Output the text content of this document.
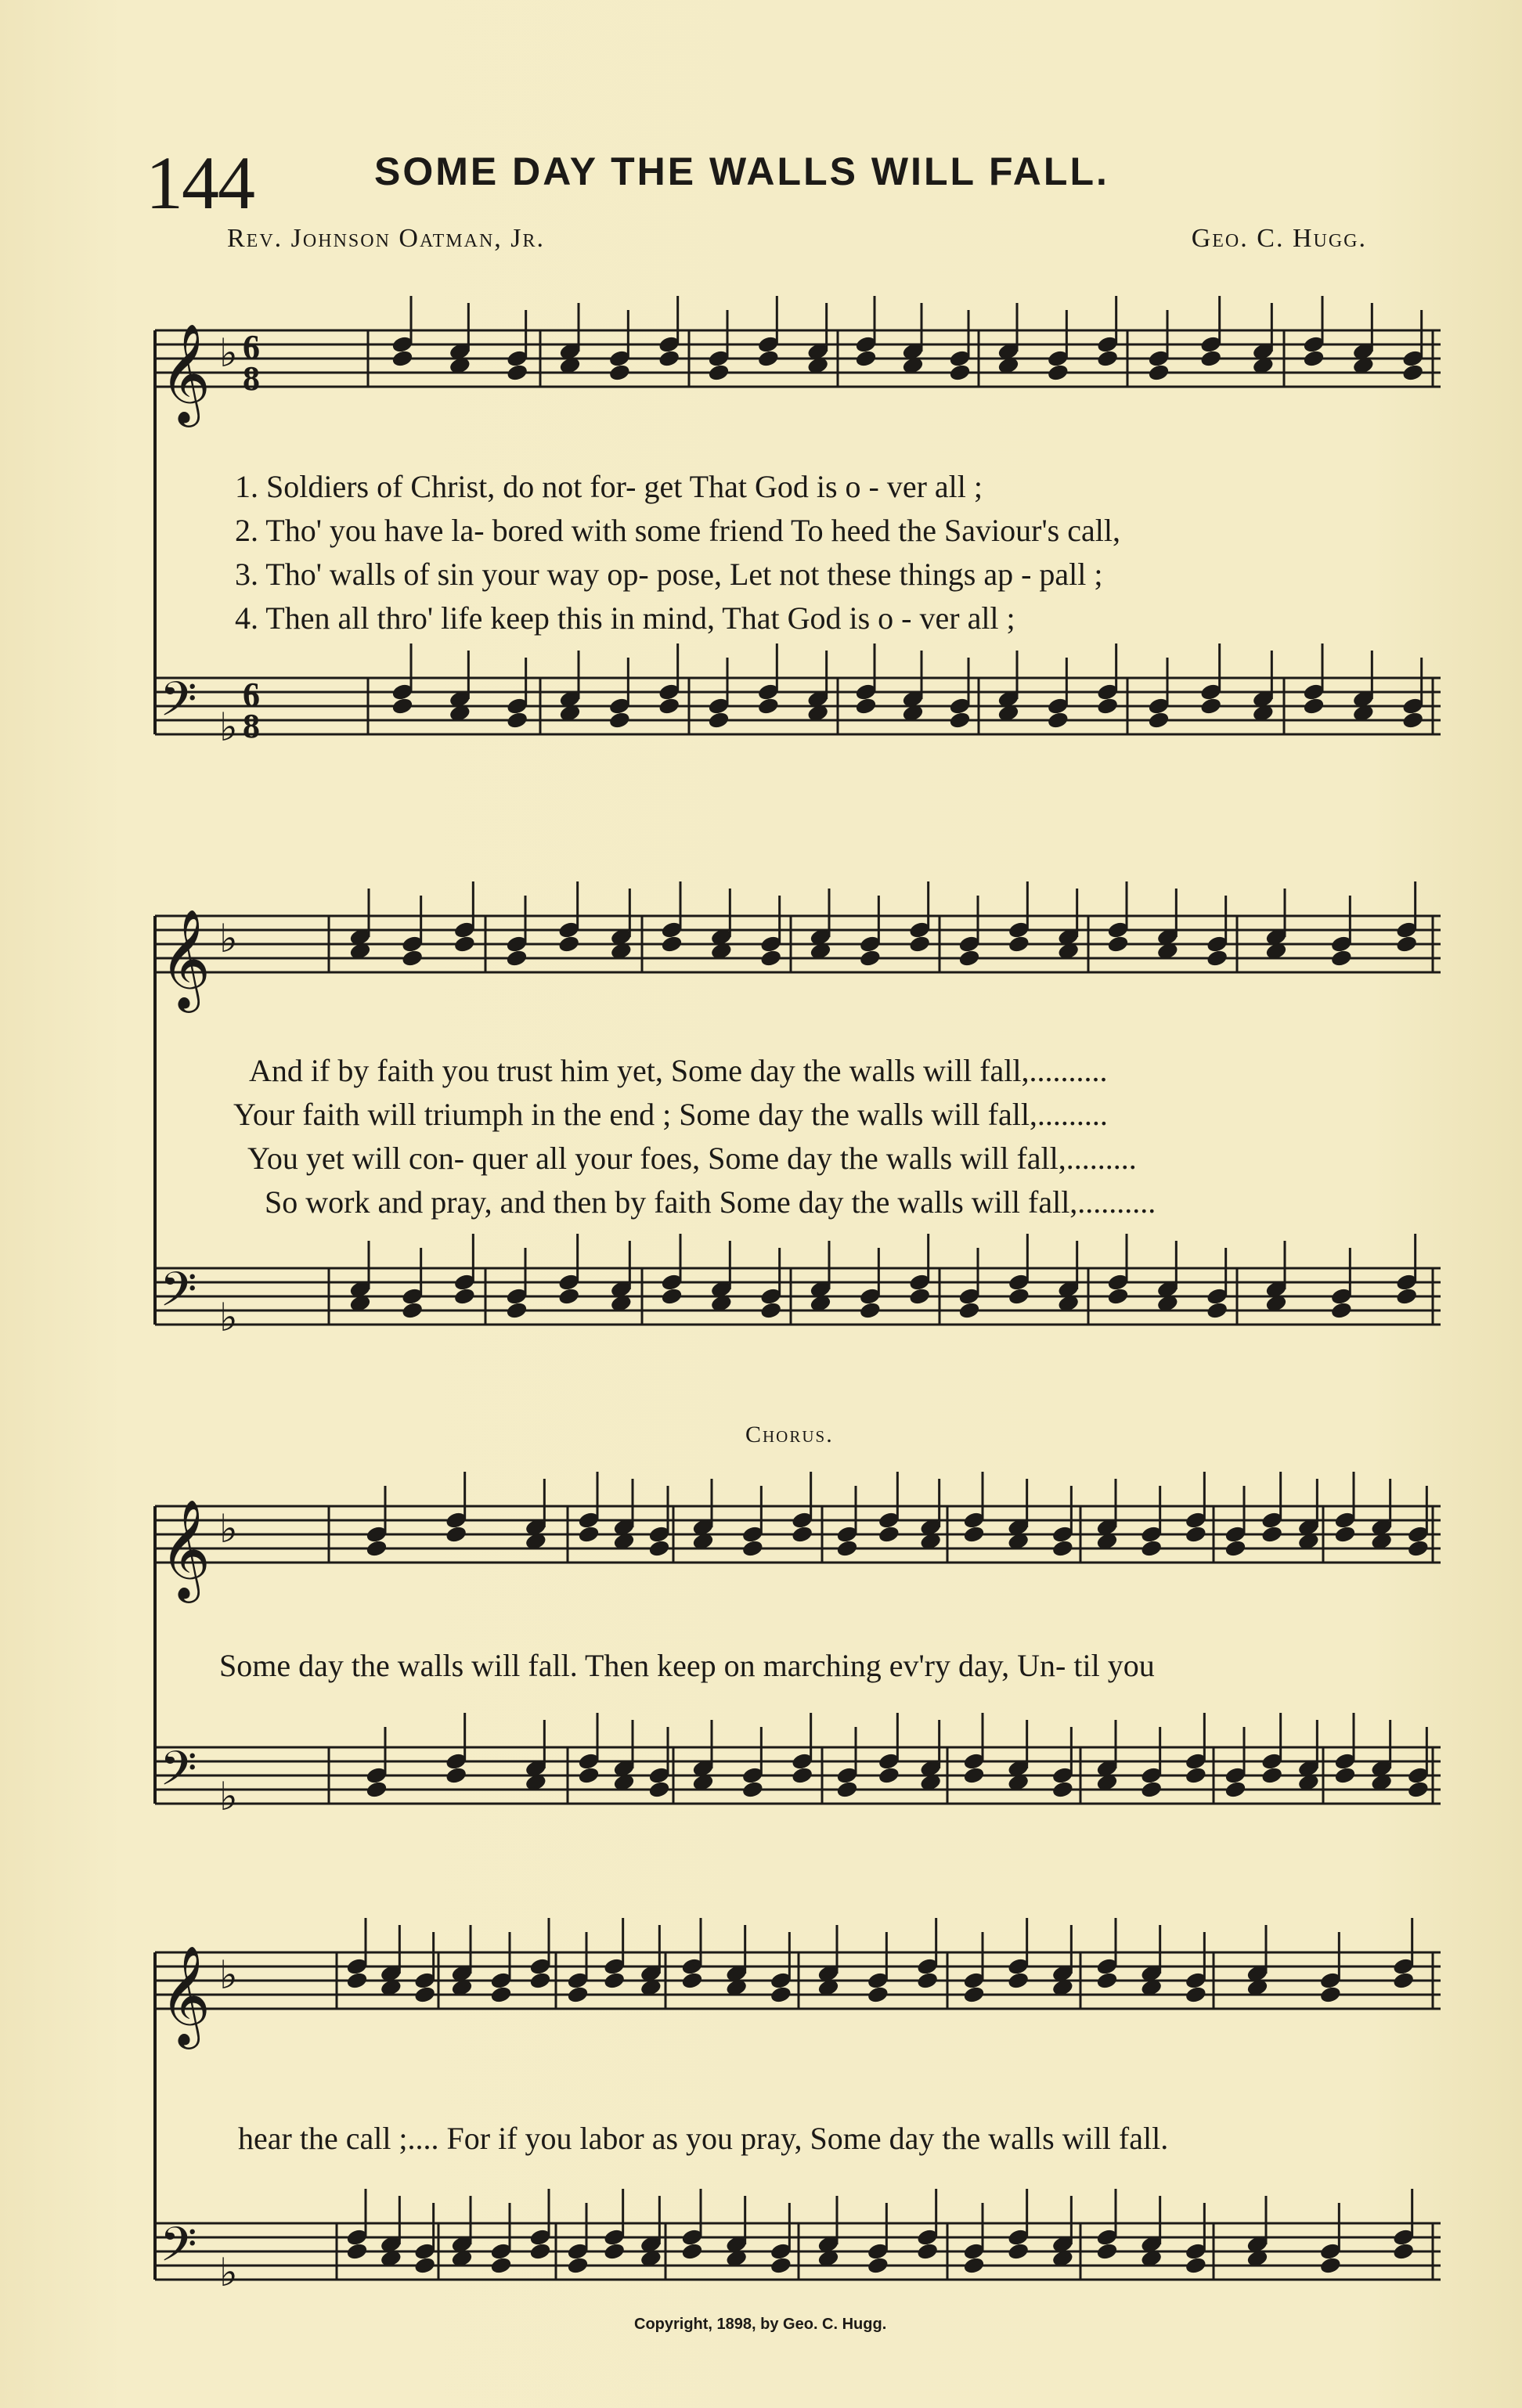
144	SOME DAY THE WALLS WILL FALL.
Rev. Johnson Oatman, Jr.	Geo. C. Hugg.
♭ 6
8
♭
6
8
♭
♭
♭
♭
♭
♭
𝄞
𝄢
𝄞
𝄢
𝄞
𝄢
𝄞
𝄢
1. Soldiers of Christ, do not for- get That God is o - ver all ;
2. Tho' you have la- bored with some friend To heed the Saviour's call,
3. Tho' walls of sin your way op- pose, Let not these things ap - pall ;
4. Then all thro' life keep this in mind, That God is o - ver all ;
And if by faith you trust him yet, Some day the walls will fall,..........
Your faith will triumph in the end ; Some day the walls will fall,.........
You yet will con- quer all your foes, Some day the walls will fall,.........
So work and pray, and then by faith Some day the walls will fall,..........
Chorus.
Some day the walls will fall. Then keep on marching ev'ry day, Un- til you
hear the call ;.... For if you labor as you pray, Some day the walls will fall.
Copyright, 1898, by Geo. C. Hugg.
